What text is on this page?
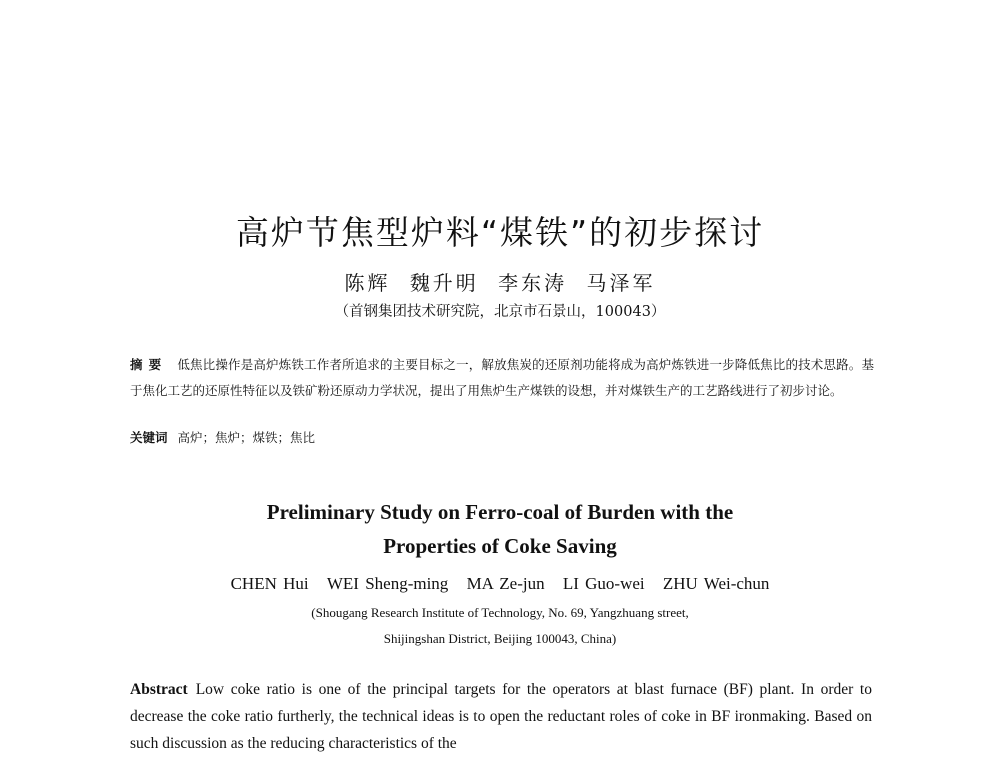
高炉节焦型炉料“煤铁”的初步探讨
陈辉 魏升明 李东涛 马泽军
（首钢集团技术研究院，北京市石景山，100043）
摘要 低焦比操作是高炉炼铁工作者所追求的主要目标之一，解放焦炭的还原剂功能将成为高炉炼铁进一步降低焦比的技术思路。基于焦化工艺的还原性特征以及铁矿粉还原动力学状况，提出了用焦炉生产煤铁的设想，并对煤铁生产的工艺路线进行了初步讨论。
关键词 高炉；焦炉；煤铁；焦比
Preliminary Study on Ferro-coal of Burden with the
Properties of Coke Saving
CHEN Hui WEI Sheng-ming MA Ze-jun LI Guo-wei ZHU Wei-chun
(Shougang Research Institute of Technology, No. 69, Yangzhuang street,
Shijingshan District, Beijing 100043, China)
Abstract Low coke ratio is one of the principal targets for the operators at blast furnace (BF) plant. In order to decrease the coke ratio furtherly, the technical ideas is to open the reductant roles of coke in BF ironmaking. Based on such discussion as the reducing characteristics of the
